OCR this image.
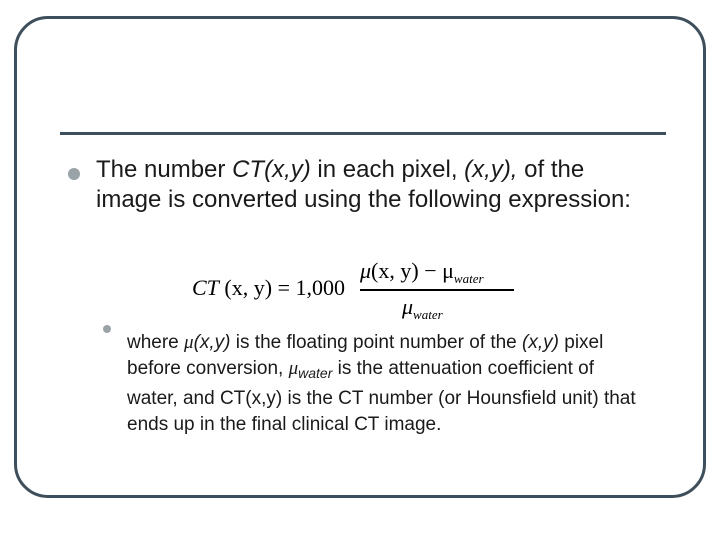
The number CT(x,y) in each pixel, (x,y), of the image is converted using the following expression:
CT (x, y) = 1,000
μ(x, $y) - \mu_{water}$
$\mu_{water}$
where μ(x,y) is the floating point number of the (x,y) pixel before conversion, $\mu_{water}$ is the attenuation coefficient of water, and CT(x,y) is the CT number (or Hounsfield unit) that ends up in the final clinical CT image.
